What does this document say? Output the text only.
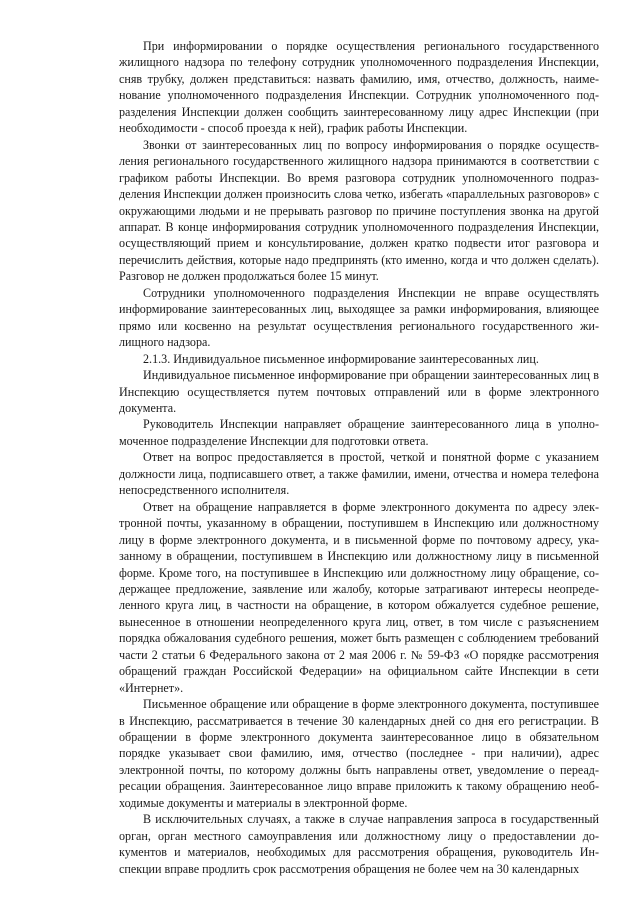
При информировании о порядке осуществления регионального государственного жилищного надзора по телефону сотрудник уполномоченного подразделения Инспекции, сняв трубку, должен представиться: назвать фамилию, имя, отчество, должность, наименование уполномоченного подразделения Инспекции. Сотрудник уполномоченного подразделения Инспекции должен сообщить заинтересованному лицу адрес Инспекции (при необходимости - способ проезда к ней), график работы Инспекции.

Звонки от заинтересованных лиц по вопросу информирования о порядке осуществления регионального государственного жилищного надзора принимаются в соответствии с графиком работы Инспекции. Во время разговора сотрудник уполномоченного подразделения Инспекции должен произносить слова четко, избегать «параллельных разговоров» с окружающими людьми и не прерывать разговор по причине поступления звонка на другой аппарат. В конце информирования сотрудник уполномоченного подразделения Инспекции, осуществляющий прием и консультирование, должен кратко подвести итог разговора и перечислить действия, которые надо предпринять (кто именно, когда и что должен сделать). Разговор не должен продолжаться более 15 минут.

Сотрудники уполномоченного подразделения Инспекции не вправе осуществлять информирование заинтересованных лиц, выходящее за рамки информирования, влияющее прямо или косвенно на результат осуществления регионального государственного жилищного надзора.

2.1.3. Индивидуальное письменное информирование заинтересованных лиц.

Индивидуальное письменное информирование при обращении заинтересованных лиц в Инспекцию осуществляется путем почтовых отправлений или в форме электронного документа.

Руководитель Инспекции направляет обращение заинтересованного лица в уполномоченное подразделение Инспекции для подготовки ответа.

Ответ на вопрос предоставляется в простой, четкой и понятной форме с указанием должности лица, подписавшего ответ, а также фамилии, имени, отчества и номера телефона непосредственного исполнителя.

Ответ на обращение направляется в форме электронного документа по адресу электронной почты, указанному в обращении, поступившем в Инспекцию или должностному лицу в форме электронного документа, и в письменной форме по почтовому адресу, указанному в обращении, поступившем в Инспекцию или должностному лицу в письменной форме. Кроме того, на поступившее в Инспекцию или должностному лицу обращение, содержащее предложение, заявление или жалобу, которые затрагивают интересы неопределенного круга лиц, в частности на обращение, в котором обжалуется судебное решение, вынесенное в отношении неопределенного круга лиц, ответ, в том числе с разъяснением порядка обжалования судебного решения, может быть размещен с соблюдением требований части 2 статьи 6 Федерального закона от 2 мая 2006 г. № 59-ФЗ «О порядке рассмотрения обращений граждан Российской Федерации» на официальном сайте Инспекции в сети «Интернет».

Письменное обращение или обращение в форме электронного документа, поступившее в Инспекцию, рассматривается в течение 30 календарных дней со дня его регистрации. В обращении в форме электронного документа заинтересованное лицо в обязательном порядке указывает свои фамилию, имя, отчество (последнее - при наличии), адрес электронной почты, по которому должны быть направлены ответ, уведомление о переадресации обращения. Заинтересованное лицо вправе приложить к такому обращению необходимые документы и материалы в электронной форме.

В исключительных случаях, а также в случае направления запроса в государственный орган, орган местного самоуправления или должностному лицу о предоставлении документов и материалов, необходимых для рассмотрения обращения, руководитель Инспекции вправе продлить срок рассмотрения обращения не более чем на 30 календарных
